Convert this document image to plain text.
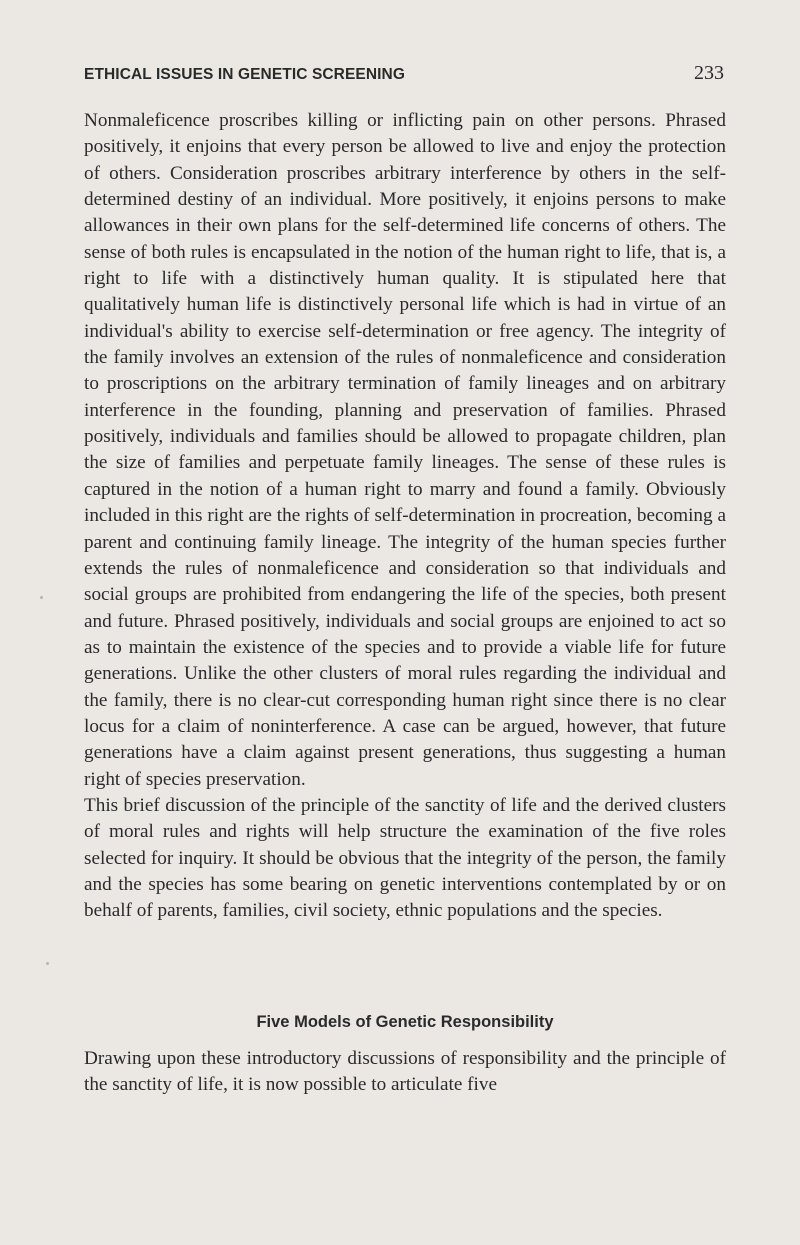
ETHICAL ISSUES IN GENETIC SCREENING	233

Nonmaleficence proscribes killing or inflicting pain on other persons. Phrased positively, it enjoins that every person be allowed to live and enjoy the protection of others. Consideration proscribes arbitrary interference by others in the self-determined destiny of an individual. More positively, it enjoins persons to make allowances in their own plans for the self-determined life concerns of others. The sense of both rules is encapsulated in the notion of the human right to life, that is, a right to life with a distinctively human quality. It is stipulated here that qualitatively human life is distinctively personal life which is had in virtue of an individual's ability to exercise self-determination or free agency. The integrity of the family involves an extension of the rules of nonmaleficence and consideration to proscriptions on the arbitrary termination of family lineages and on arbitrary interference in the founding, planning and preservation of families. Phrased positively, individuals and families should be allowed to propagate children, plan the size of families and perpetuate family lineages. The sense of these rules is captured in the notion of a human right to marry and found a family. Obviously included in this right are the rights of self-determination in procreation, becoming a parent and continuing family lineage. The integrity of the human species further extends the rules of nonmaleficence and consideration so that individuals and social groups are prohibited from endangering the life of the species, both present and future. Phrased positively, individuals and social groups are enjoined to act so as to maintain the existence of the species and to provide a viable life for future generations. Unlike the other clusters of moral rules regarding the individual and the family, there is no clear-cut corresponding human right since there is no clear locus for a claim of noninterference. A case can be argued, however, that future generations have a claim against present generations, thus suggesting a human right of species preservation.

This brief discussion of the principle of the sanctity of life and the derived clusters of moral rules and rights will help structure the examination of the five roles selected for inquiry. It should be obvious that the integrity of the person, the family and the species has some bearing on genetic interventions contemplated by or on behalf of parents, families, civil society, ethnic populations and the species.

Five Models of Genetic Responsibility

Drawing upon these introductory discussions of responsibility and the principle of the sanctity of life, it is now possible to articulate five
